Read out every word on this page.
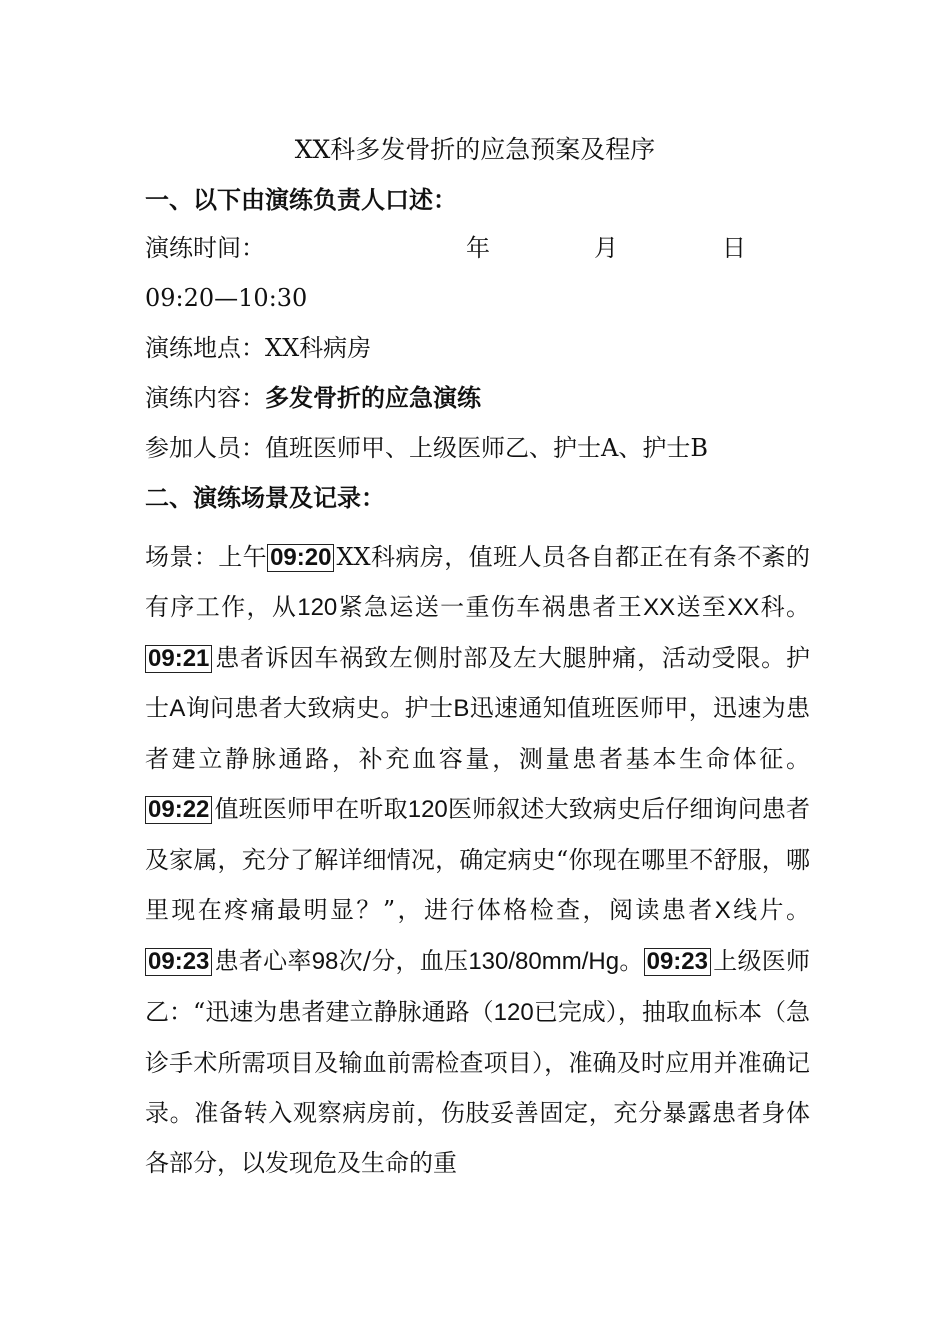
XX科多发骨折的应急预案及程序
一、以下由演练负责人口述：
演练时间：	年	月	日
09:20—10:30
演练地点：XX科病房
演练内容：多发骨折的应急演练
参加人员：值班医师甲、上级医师乙、护士A、护士B
二、演练场景及记录：
场景：上午 09:20 XX科病房，值班人员各自都正在有条不紊的有序工作，从120紧急运送一重伤车祸患者王XX送至XX科。09:21 患者诉因车祸致左侧肘部及左大腿肿痛，活动受限。护士A询问患者大致病史。护士B迅速通知值班医师甲，迅速为患者建立静脉通路，补充血容量，测量患者基本生命体征。09:22 值班医师甲在听取120医师叙述大致病史后仔细询问患者及家属，充分了解详细情况，确定病史“你现在哪里不舒服，哪里现在疼痛最明显？”，进行体格检查，阅读患者X线片。09:23 患者心率98次/分，血压130/80mm/Hg。 09:23 上级医师乙：“迅速为患者建立静脉通路（120已完成），抽取血标本（急诊手术所需项目及输血前需检查项目），准确及时应用并准确记录。准备转入观察病房前，伤肢妥善固定，充分暴露患者身体各部分，以发现危及生命的重
